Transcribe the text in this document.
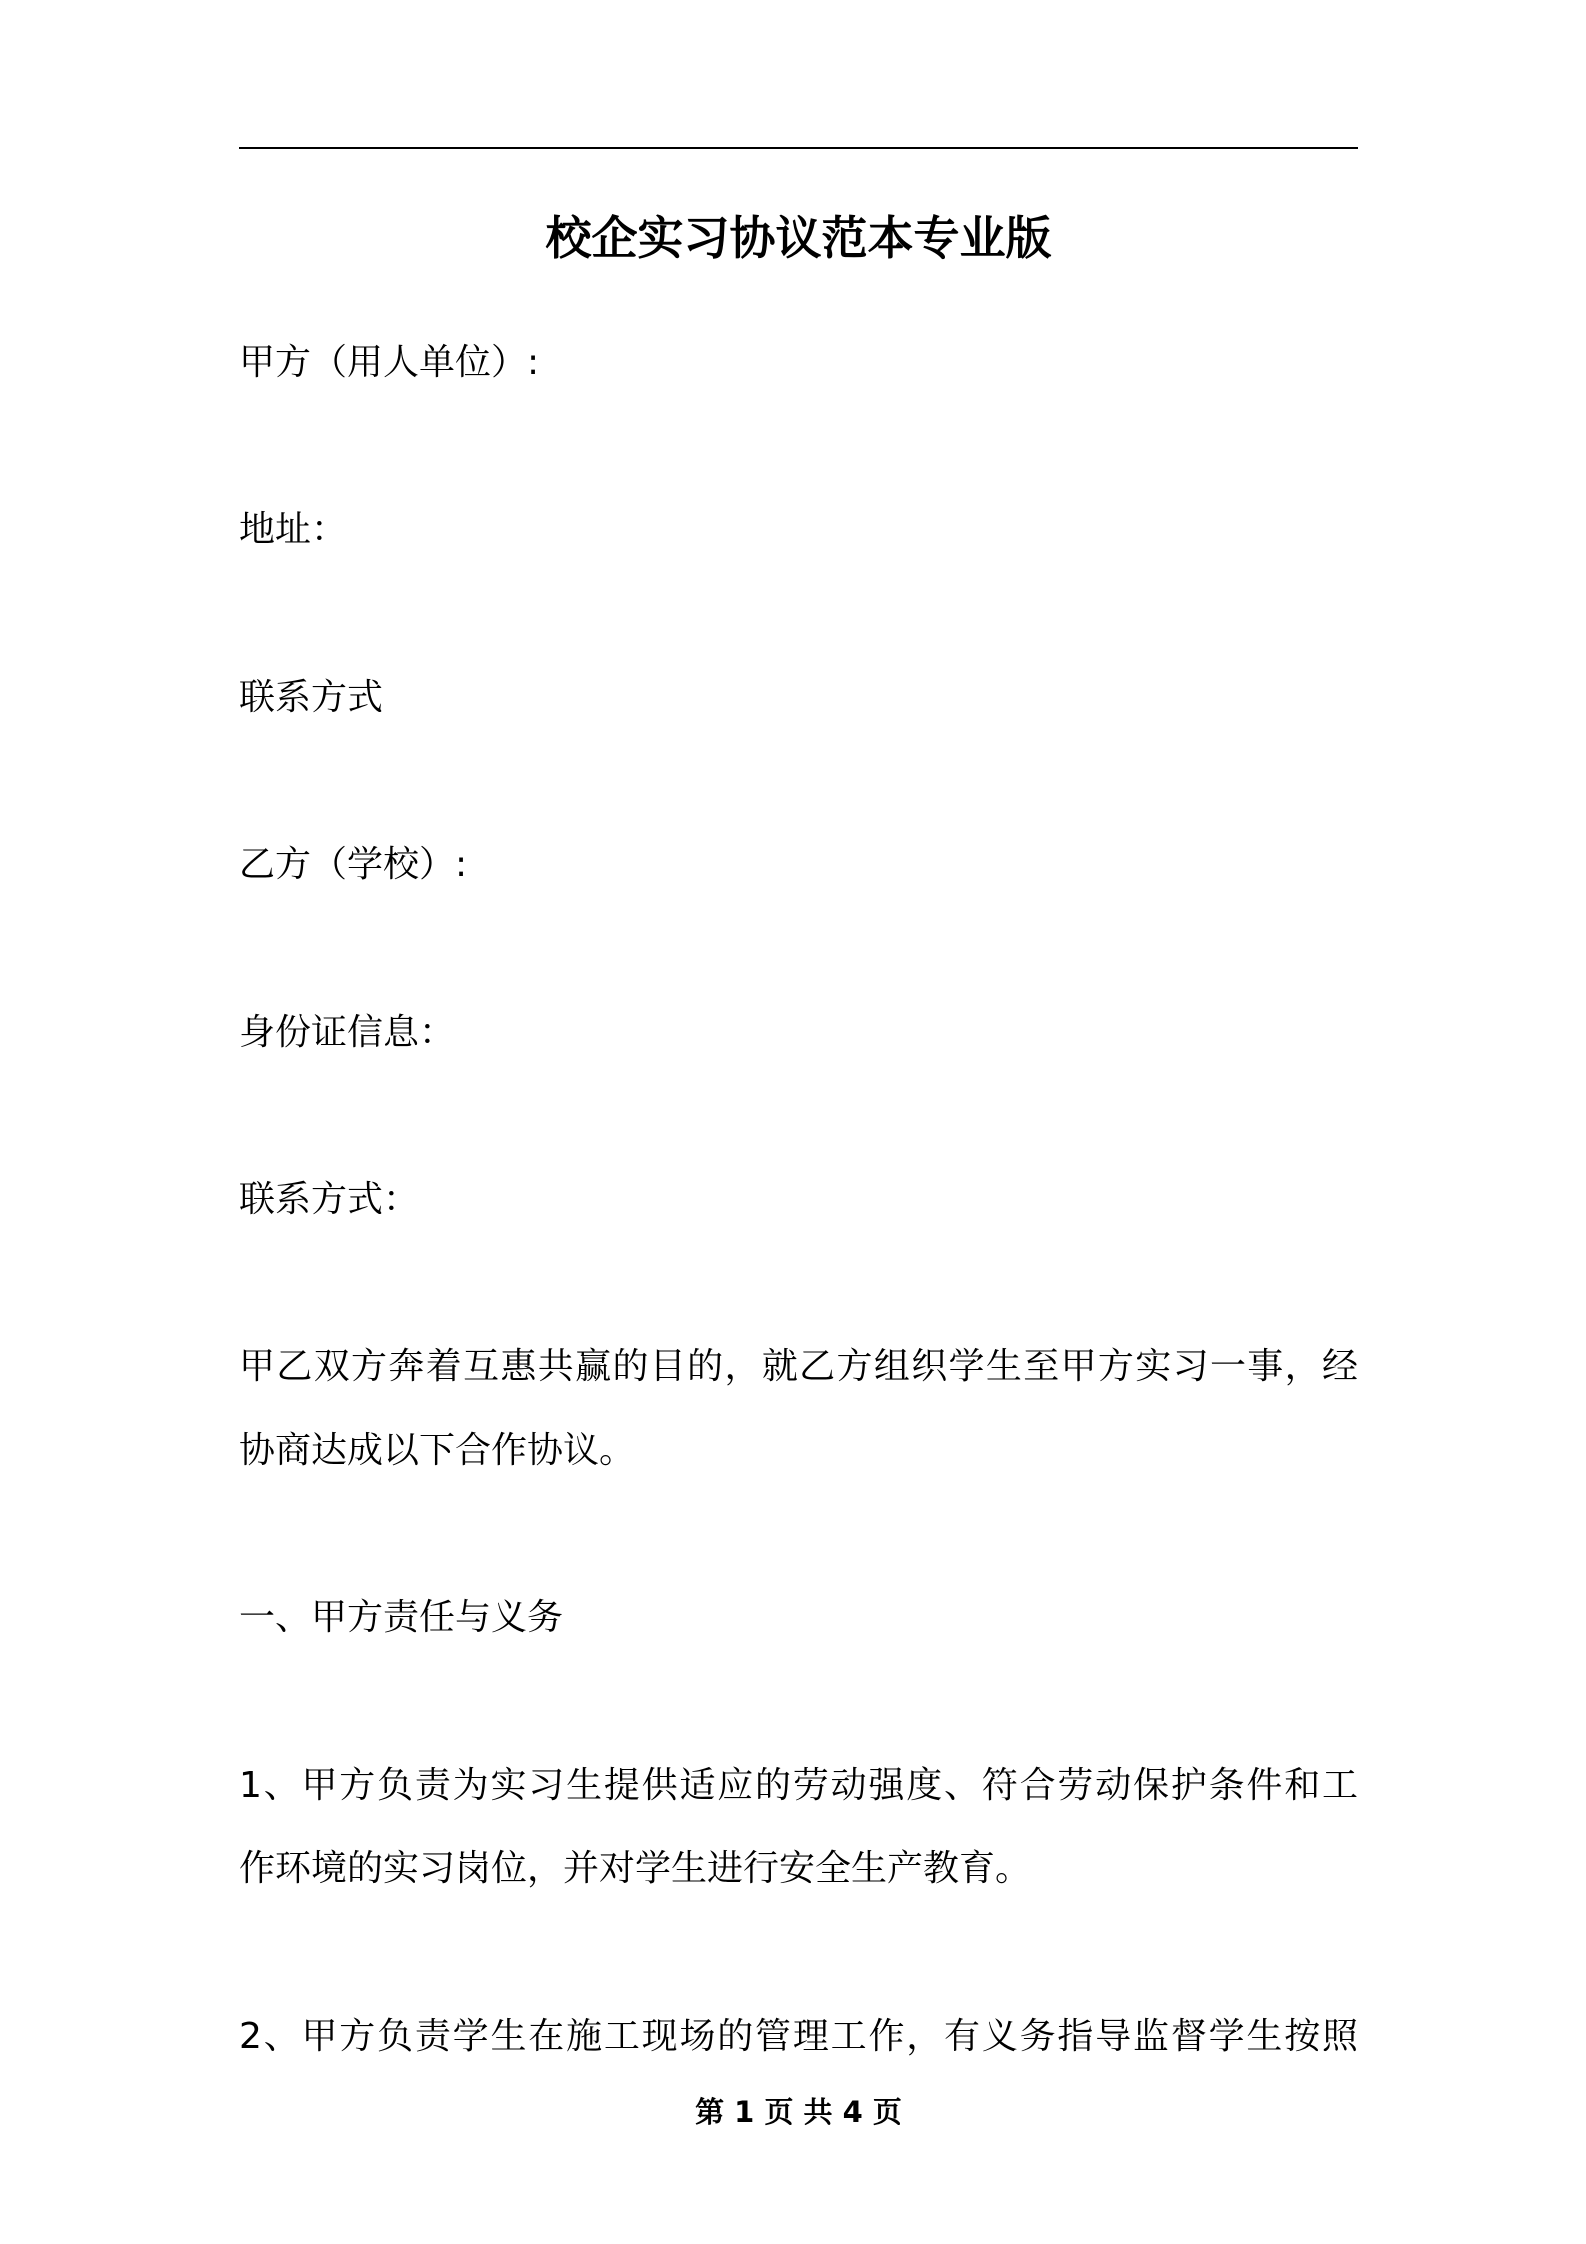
校企实习协议范本专业版
甲方（用人单位）:
地址：
联系方式
乙方（学校）:
身份证信息：
联系方式：
甲乙双方奔着互惠共赢的目的，就乙方组织学生至甲方实习一事，经
协商达成以下合作协议。
一、甲方责任与义务
1、甲方负责为实习生提供适应的劳动强度、符合劳动保护条件和工
作环境的实习岗位，并对学生进行安全生产教育。
2、甲方负责学生在施工现场的管理工作，有义务指导监督学生按照
第 1 页 共 4 页
